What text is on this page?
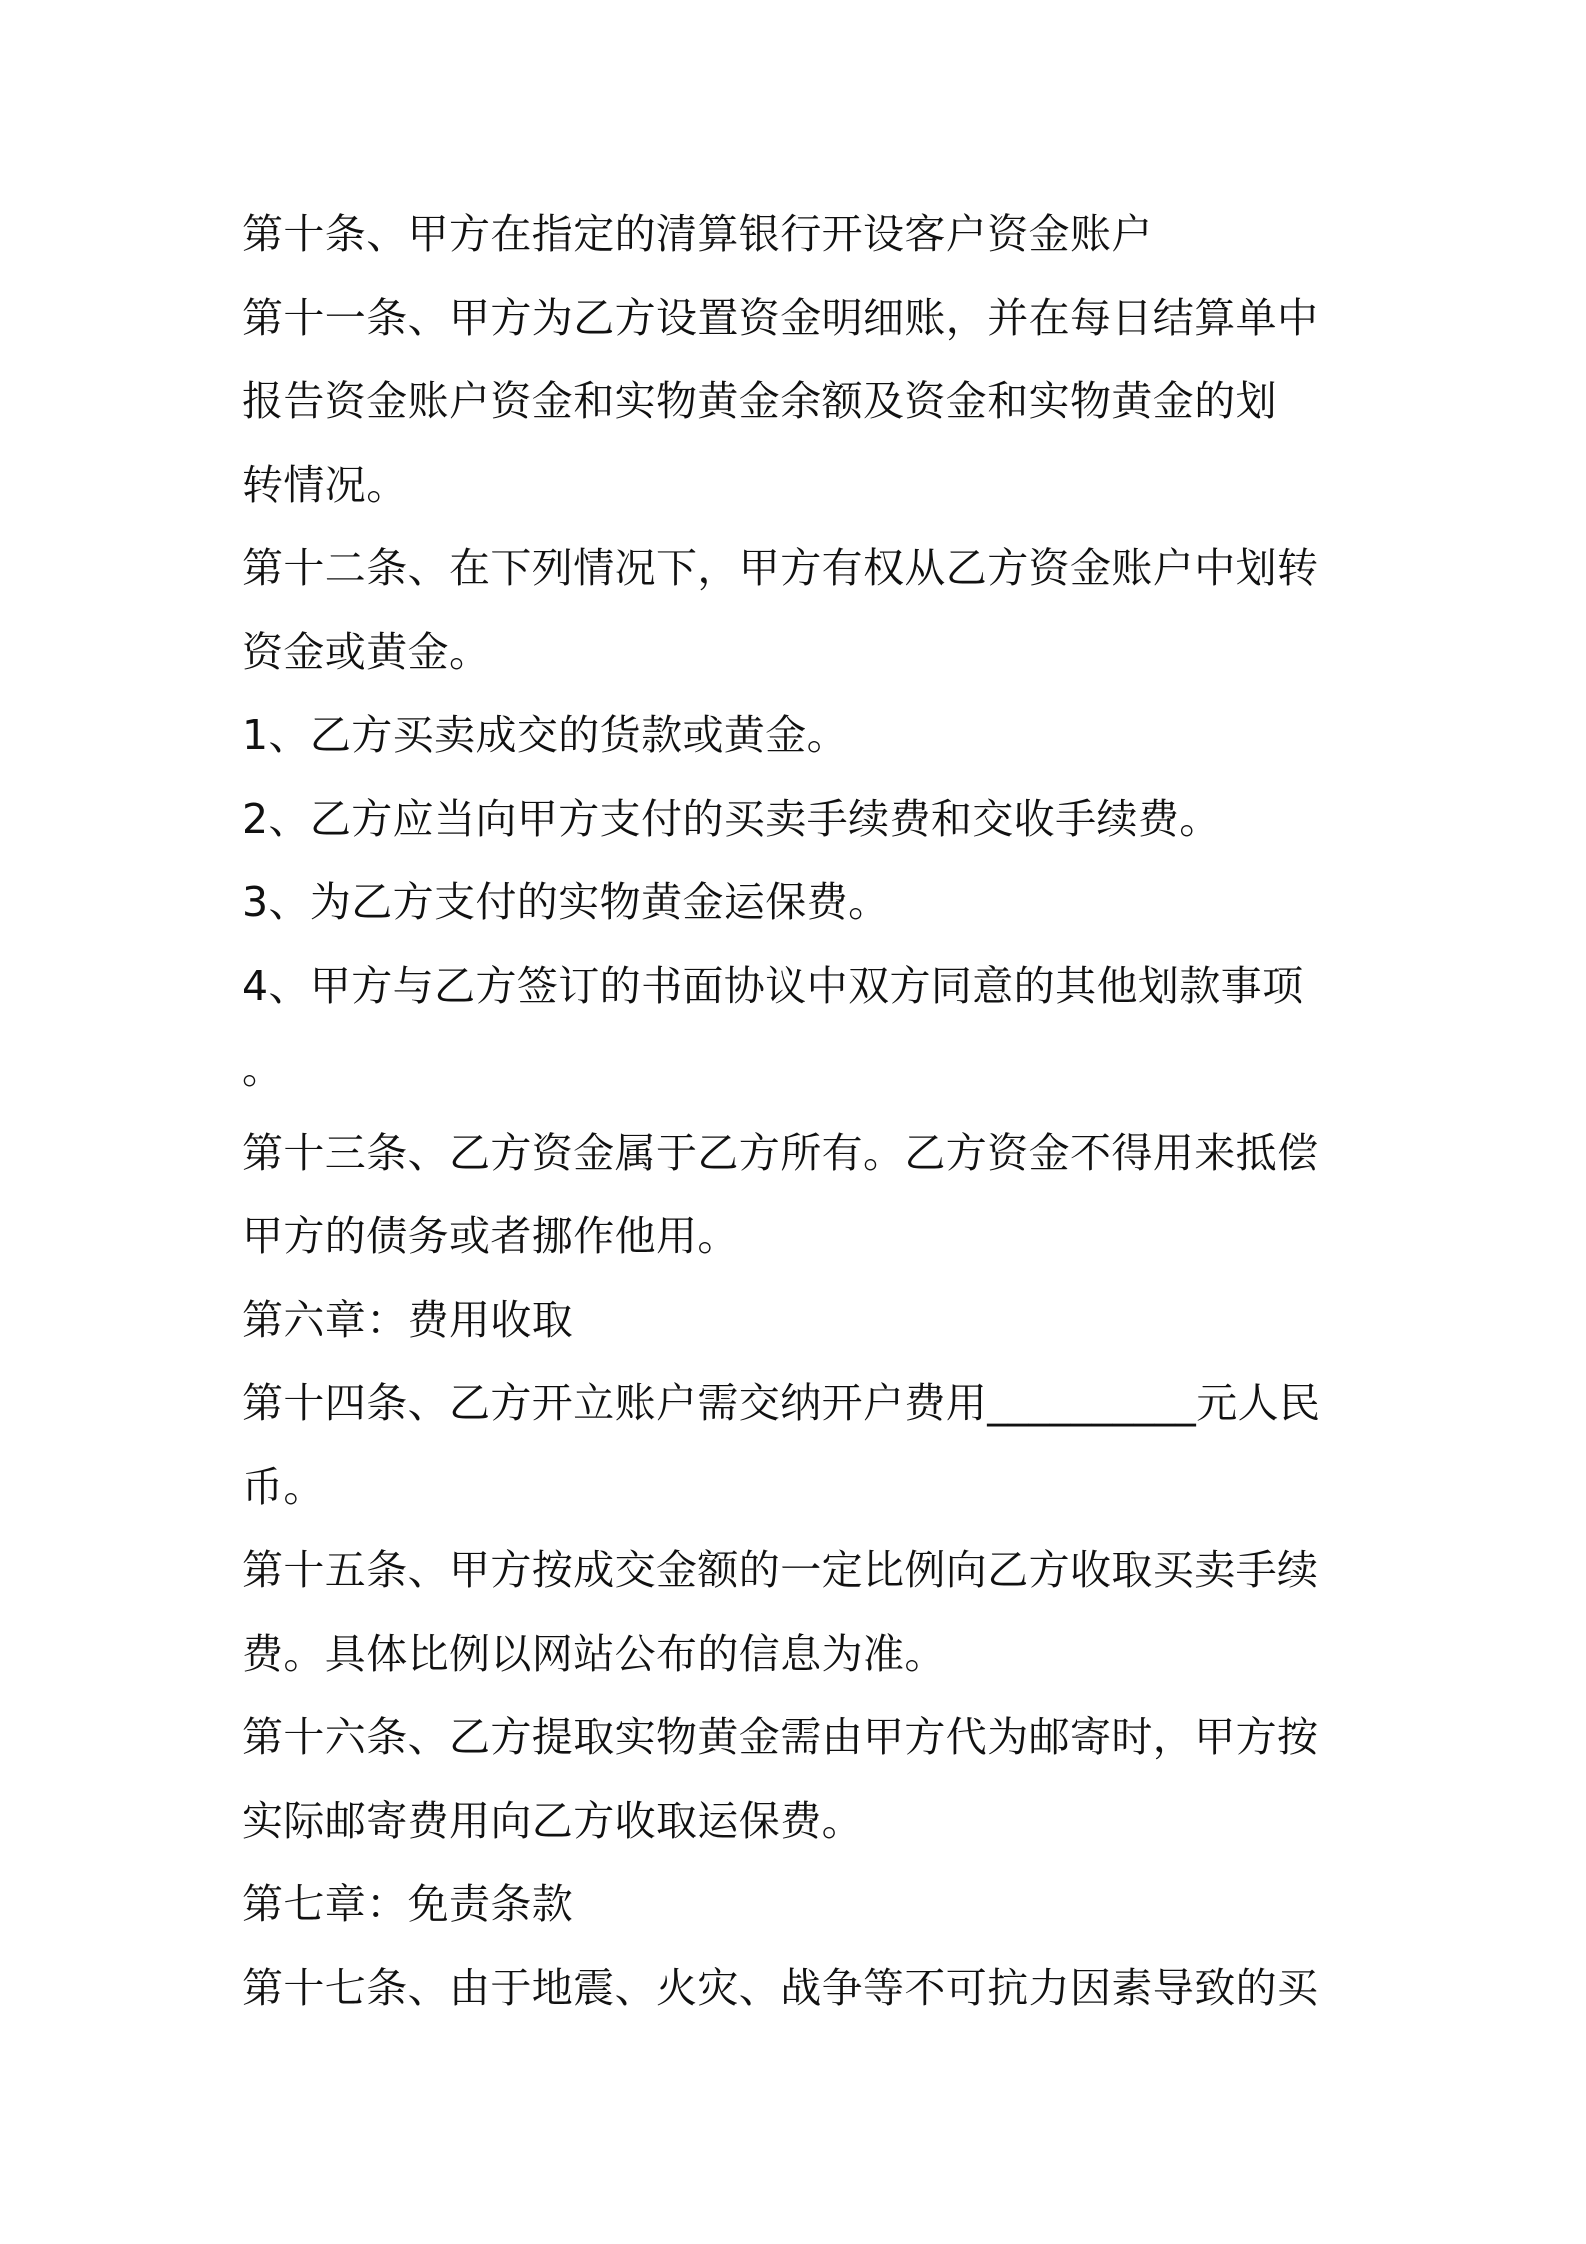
第十条、甲方在指定的清算银行开设客户资金账户
第十一条、甲方为乙方设置资金明细账，并在每日结算单中
报告资金账户资金和实物黄金余额及资金和实物黄金的划
转情况。
第十二条、在下列情况下，甲方有权从乙方资金账户中划转
资金或黄金。
1、乙方买卖成交的货款或黄金。
2、乙方应当向甲方支付的买卖手续费和交收手续费。
3、为乙方支付的实物黄金运保费。
4、甲方与乙方签订的书面协议中双方同意的其他划款事项
。
第十三条、乙方资金属于乙方所有。乙方资金不得用来抵偿
甲方的债务或者挪作他用。
第六章：费用收取
第十四条、乙方开立账户需交纳开户费用__________元人民
币。
第十五条、甲方按成交金额的一定比例向乙方收取买卖手续
费。具体比例以网站公布的信息为准。
第十六条、乙方提取实物黄金需由甲方代为邮寄时，甲方按
实际邮寄费用向乙方收取运保费。
第七章：免责条款
第十七条、由于地震、火灾、战争等不可抗力因素导致的买
